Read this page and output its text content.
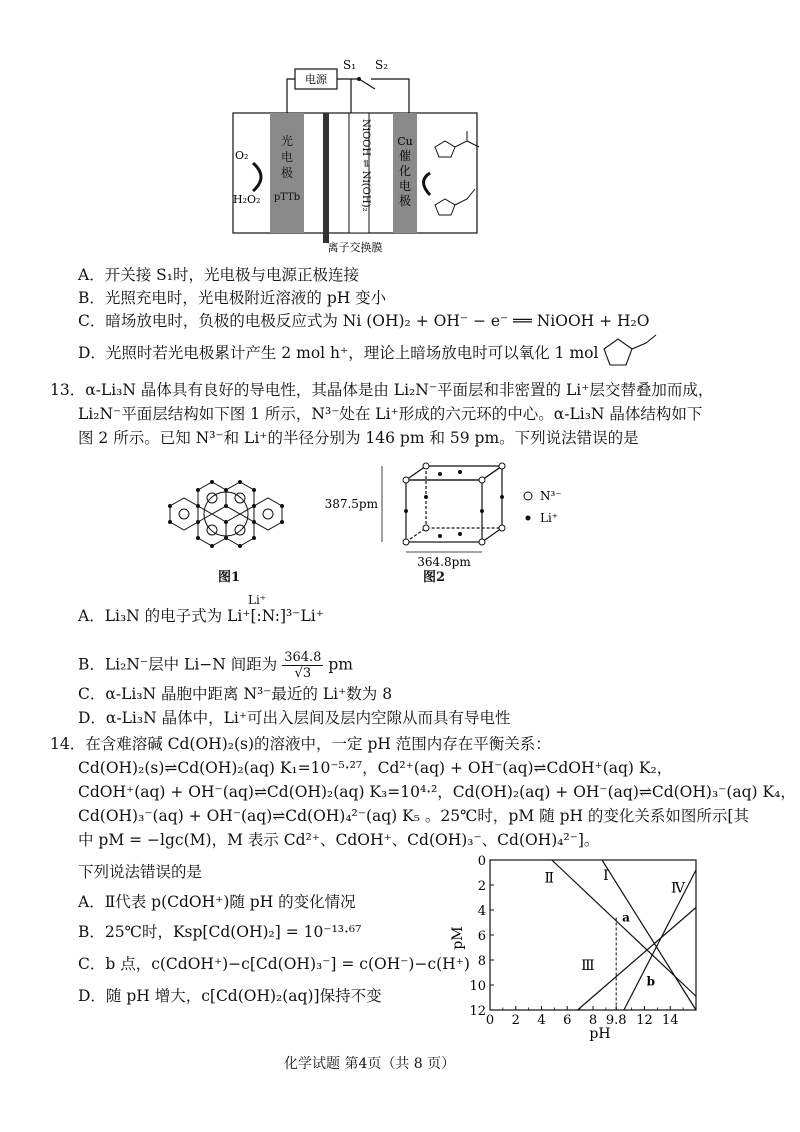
电源
S₁ S₂
光
电
极
pTTb	NiOOH ⇌ Ni(OH)₂ Cu
催
化
电
极
O₂
H₂O₂
离子交换膜
A．开关接 S₁时，光电极与电源正极连接
B．光照充电时，光电极附近溶液的 pH 变小
C．暗场放电时，负极的电极反应式为 Ni (OH)₂ + OH⁻ − e⁻ ══ NiOOH + H₂O
D．光照时若光电极累计产生 2 mol h⁺，理论上暗场放电时可以氧化 1 mol
13．α-Li₃N 晶体具有良好的导电性，其晶体是由 Li₂N⁻平面层和非密置的 Li⁺层交替叠加而成，
Li₂N⁻平面层结构如下图 1 所示，N³⁻处在 Li⁺形成的六元环的中心。α-Li₃N 晶体结构如下
图 2 所示。已知 N³⁻和 Li⁺的半径分别为 146 pm 和 59 pm。下列说法错误的是
图1
387.5pm
364.8pm
N³⁻
Li⁺
图2
Li⁺
A．Li₃N 的电子式为 Li⁺[:N:]³⁻Li⁺
B．Li₂N⁻层中 Li−N 间距为 $\frac{364.8}{√3}$ pm
C．α-Li₃N 晶胞中距离 N³⁻最近的 Li⁺数为 8
D．α-Li₃N 晶体中，Li⁺可出入层间及层内空隙从而具有导电性
14．在含难溶碱 Cd(OH)₂(s)的溶液中，一定 pH 范围内存在平衡关系：
Cd(OH)₂(s)⇌Cd(OH)₂(aq) K₁=10⁻⁵·²⁷，Cd²⁺(aq) + OH⁻(aq)⇌CdOH⁺(aq) K₂，
CdOH⁺(aq) + OH⁻(aq)⇌Cd(OH)₂(aq) K₃=10⁴·²，Cd(OH)₂(aq) + OH⁻(aq)⇌Cd(OH)₃⁻(aq) K₄，
Cd(OH)₃⁻(aq) + OH⁻(aq)⇌Cd(OH)₄²⁻(aq) K₅ 。25℃时，pM 随 pH 的变化关系如图所示[其
中 pM = −lgc(M)，M 表示 Cd²⁺、CdOH⁺、Cd(OH)₃⁻、Cd(OH)₄²⁻]。
下列说法错误的是
A．Ⅱ代表 p(CdOH⁺)随 pH 的变化情况
B．25℃时，Ksp[Cd(OH)₂] = 10⁻¹³·⁶⁷
C．b 点，c(CdOH⁺)−c[Cd(OH)₃⁻] = c(OH⁻)−c(H⁺)
D．随 pH 增大，c[Cd(OH)₂(aq)]保持不变
0 2 4 6 8 9.8 12 14
0
2
4
6
8
10
12
Ⅰ
Ⅱ
Ⅲ
Ⅳ
a
b
pM
pH
化学试题 第4页（共 8 页）
